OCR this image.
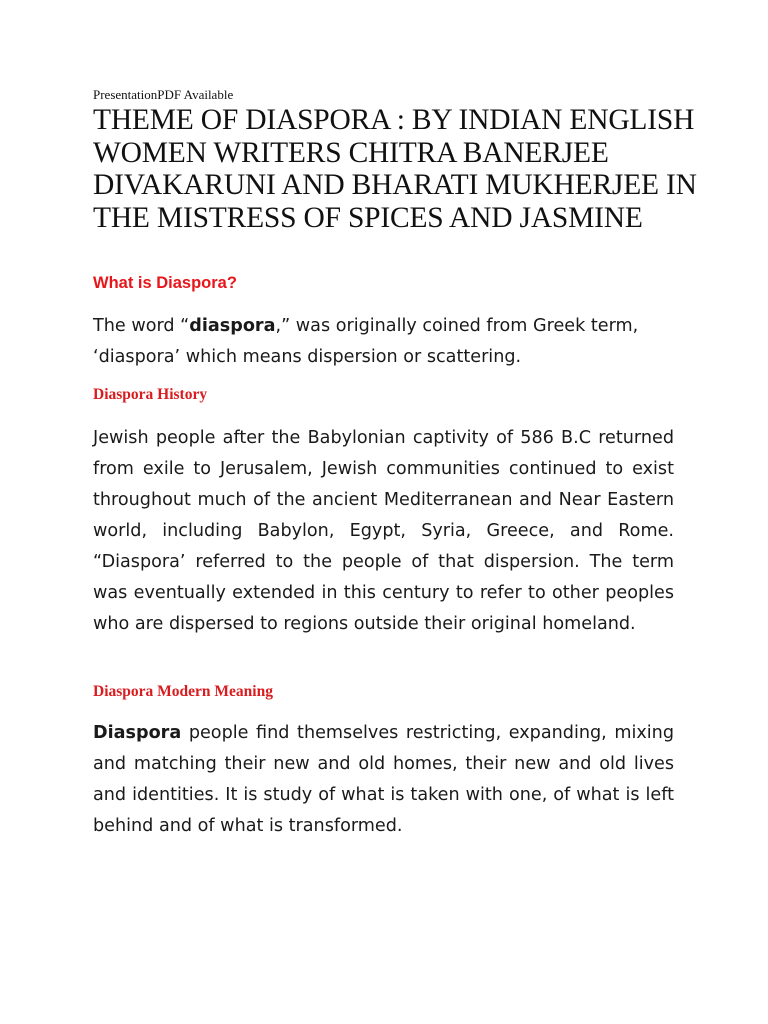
PresentationPDF Available
THEME OF DIASPORA : BY INDIAN ENGLISH WOMEN WRITERS CHITRA BANERJEE DIVAKARUNI AND BHARATI MUKHERJEE IN THE MISTRESS OF SPICES AND JASMINE
What is Diaspora?

The word “diaspora,” was originally coined from Greek term, ‘diaspora’ which means dispersion or scattering.

Diaspora History

Jewish people after the Babylonian captivity of 586 B.C returned from exile to Jerusalem, Jewish communities continued to exist throughout much of the ancient Mediterranean and Near Eastern world, including Babylon, Egypt, Syria, Greece, and Rome. “Diaspora’ referred to the people of that dispersion. The term was eventually extended in this century to refer to other peoples who are dispersed to regions outside their original homeland.

Diaspora Modern Meaning

Diaspora people find themselves restricting, expanding, mixing and matching their new and old homes, their new and old lives and identities. It is study of what is taken with one, of what is left behind and of what is transformed.
